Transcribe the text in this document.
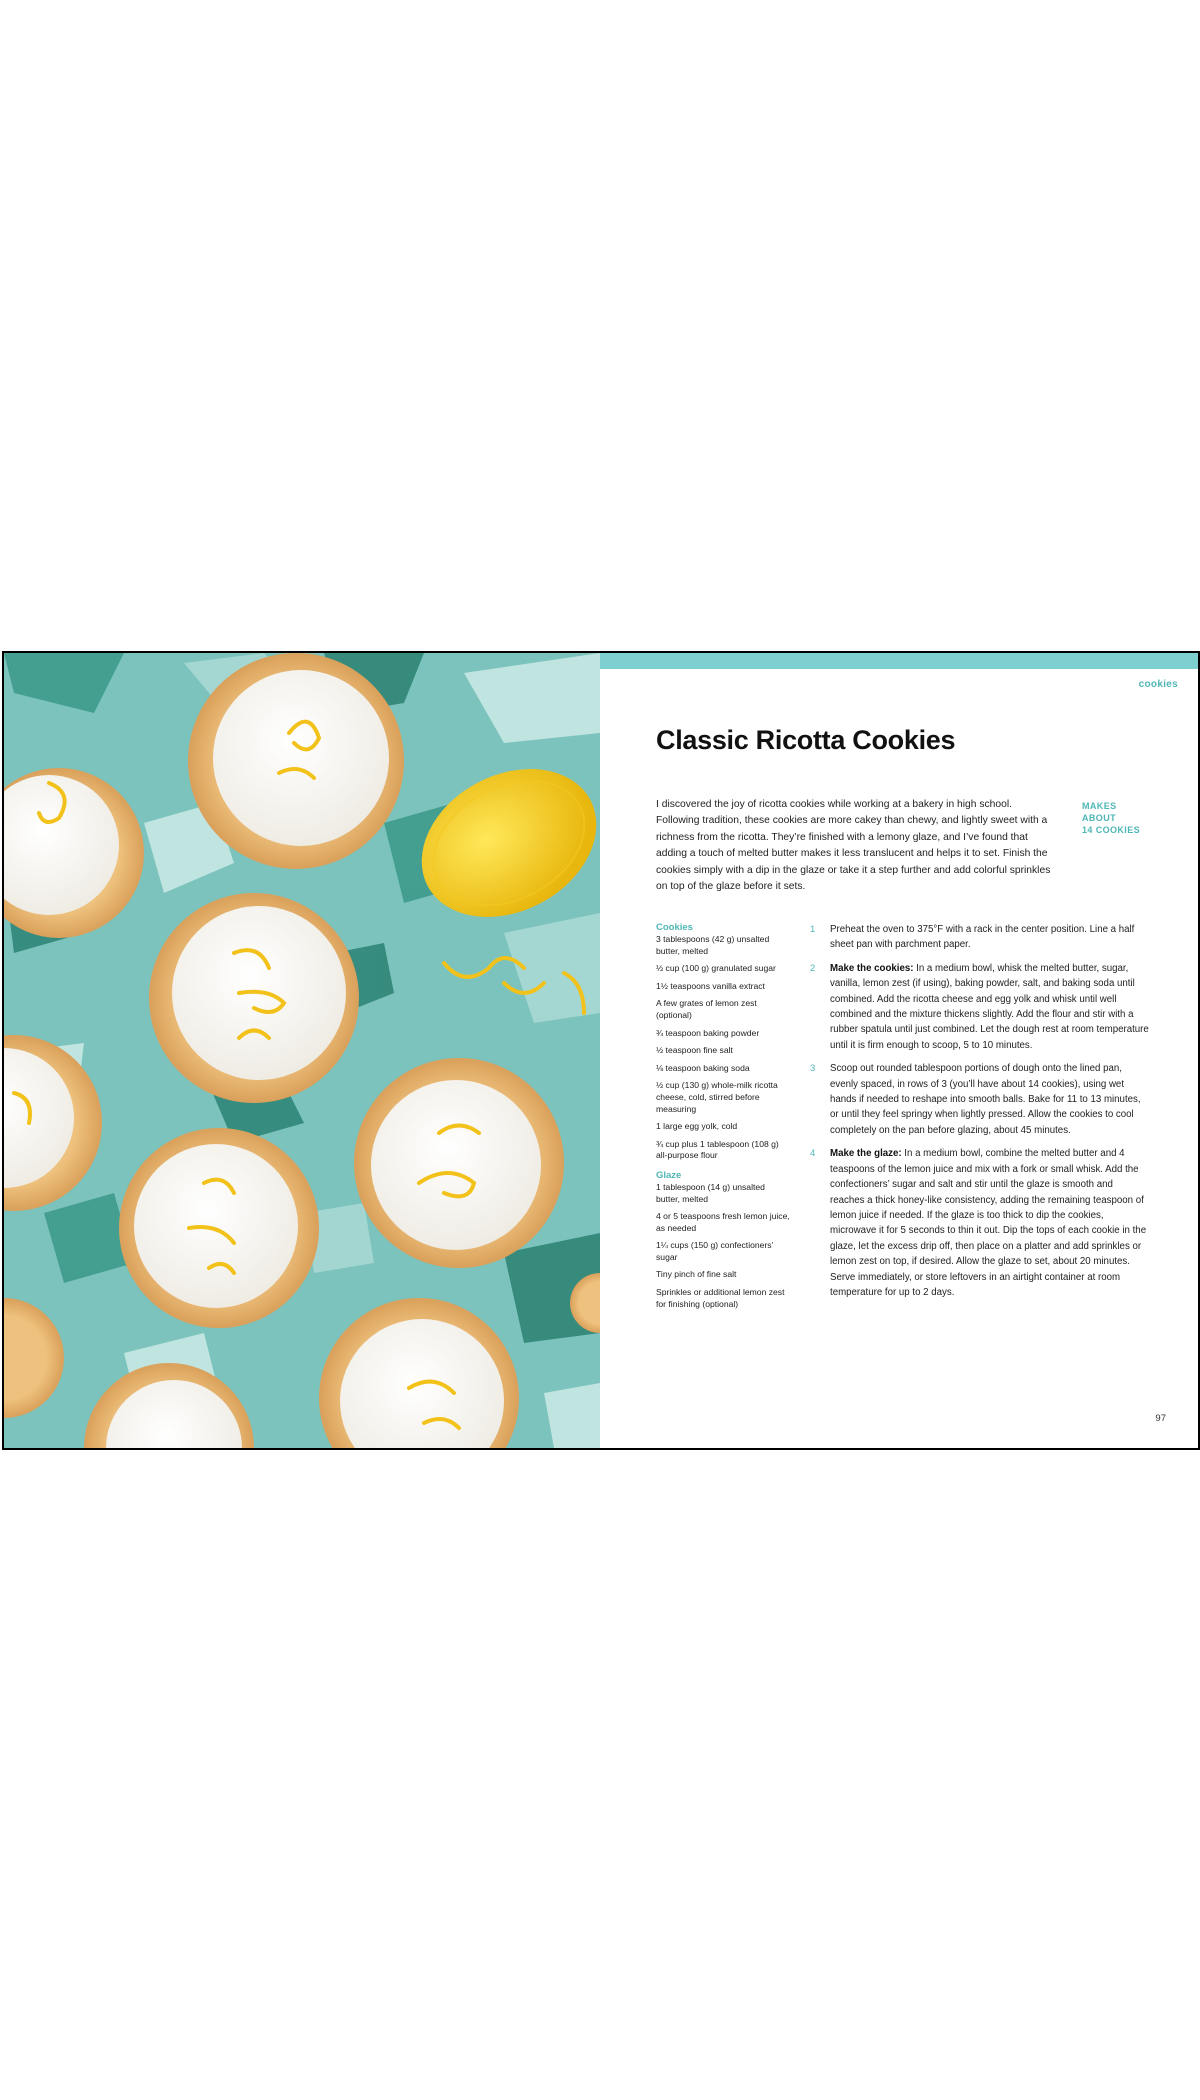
cookies
Classic Ricotta Cookies

I discovered the joy of ricotta cookies while working at a bakery in high school. Following tradition, these cookies are more cakey than chewy, and lightly sweet with a richness from the ricotta. They’re finished with a lemony glaze, and I’ve found that adding a touch of melted butter makes it less translucent and helps it to set. Finish the cookies simply with a dip in the glaze or take it a step further and add colorful sprinkles on top of the glaze before it sets.

MAKES
ABOUT
14 COOKIES
Cookies
3 tablespoons (42 g) unsalted butter, melted
½ cup (100 g) granulated sugar
1½ teaspoons vanilla extract
A few grates of lemon zest (optional)
¾ teaspoon baking powder
½ teaspoon fine salt
⅛ teaspoon baking soda
½ cup (130 g) whole-milk ricotta cheese, cold, stirred before measuring
1 large egg yolk, cold
¾ cup plus 1 tablespoon (108 g) all-purpose flour
Glaze
1 tablespoon (14 g) unsalted butter, melted
4 or 5 teaspoons fresh lemon juice, as needed
1¼ cups (150 g) confectioners’ sugar
Tiny pinch of fine salt
Sprinkles or additional lemon zest for finishing (optional)
1 Preheat the oven to 375°F with a rack in the center position. Line a half sheet pan with parchment paper.
2 Make the cookies: In a medium bowl, whisk the melted butter, sugar, vanilla, lemon zest (if using), baking powder, salt, and baking soda until combined. Add the ricotta cheese and egg yolk and whisk until well combined and the mixture thickens slightly. Add the flour and stir with a rubber spatula until just combined. Let the dough rest at room temperature until it is firm enough to scoop, 5 to 10 minutes.
3 Scoop out rounded tablespoon portions of dough onto the lined pan, evenly spaced, in rows of 3 (you’ll have about 14 cookies), using wet hands if needed to reshape into smooth balls. Bake for 11 to 13 minutes, or until they feel springy when lightly pressed. Allow the cookies to cool completely on the pan before glazing, about 45 minutes.
4 Make the glaze: In a medium bowl, combine the melted butter and 4 teaspoons of the lemon juice and mix with a fork or small whisk. Add the confectioners’ sugar and salt and stir until the glaze is smooth and reaches a thick honey-like consistency, adding the remaining teaspoon of lemon juice if needed. If the glaze is too thick to dip the cookies, microwave it for 5 seconds to thin it out. Dip the tops of each cookie in the glaze, let the excess drip off, then place on a platter and add sprinkles or lemon zest on top, if desired. Allow the glaze to set, about 20 minutes. Serve immediately, or store leftovers in an airtight container at room temperature for up to 2 days.
97
